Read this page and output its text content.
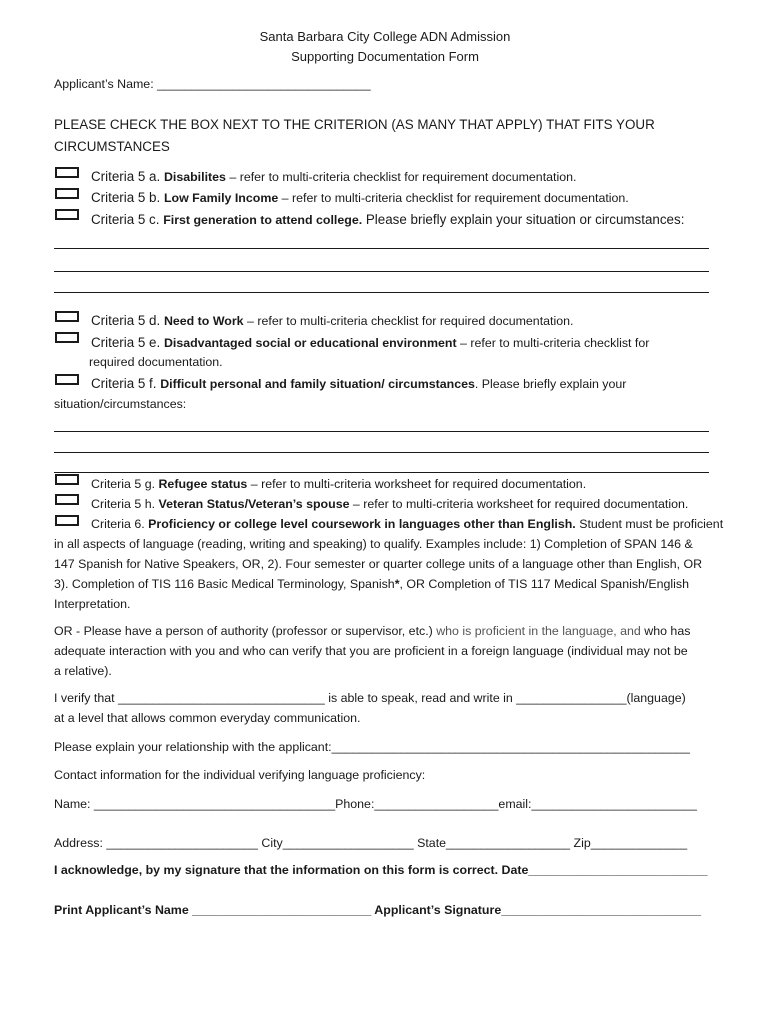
Santa Barbara City College ADN Admission
Supporting Documentation Form
Applicant’s Name: _______________________________
PLEASE CHECK THE BOX NEXT TO THE CRITERION (AS MANY THAT APPLY) THAT FITS YOUR
CIRCUMSTANCES
Criteria 5 a. Disabilites – refer to multi-criteria checklist for requirement documentation.
Criteria 5 b. Low Family Income – refer to multi-criteria checklist for requirement documentation.
Criteria 5 c. First generation to attend college. Please briefly explain your situation or circumstances:
Criteria 5 d. Need to Work – refer to multi-criteria checklist for required documentation.
Criteria 5 e. Disadvantaged social or educational environment – refer to multi-criteria checklist for
required documentation.
Criteria 5 f. Difficult personal and family situation/ circumstances. Please briefly explain your
situation/circumstances:
Criteria 5 g. Refugee status – refer to multi-criteria worksheet for required documentation.
Criteria 5 h. Veteran Status/Veteran’s spouse – refer to multi-criteria worksheet for required documentation.
Criteria 6. Proficiency or college level coursework in languages other than English. Student must be proficient
in all aspects of language (reading, writing and speaking) to qualify. Examples include: 1) Completion of SPAN 146 &
147 Spanish for Native Speakers, OR, 2). Four semester or quarter college units of a language other than English, OR
3). Completion of TIS 116 Basic Medical Terminology, Spanish*, OR Completion of TIS 117 Medical Spanish/English
Interpretation.
OR - Please have a person of authority (professor or supervisor, etc.) who is proficient in the language, and who has
adequate interaction with you and who can verify that you are proficient in a foreign language (individual may not be
a relative).
I verify that ______________________________ is able to speak, read and write in ________________(language)
at a level that allows common everyday communication.
Please explain your relationship with the applicant:____________________________________________________
Contact information for the individual verifying language proficiency:
Name: ___________________________________Phone:__________________email:________________________
Address: ______________________ City___________________ State__________________ Zip______________
I acknowledge, by my signature that the information on this form is correct. Date__________________________
Print Applicant’s Name __________________________ Applicant’s Signature_____________________________
